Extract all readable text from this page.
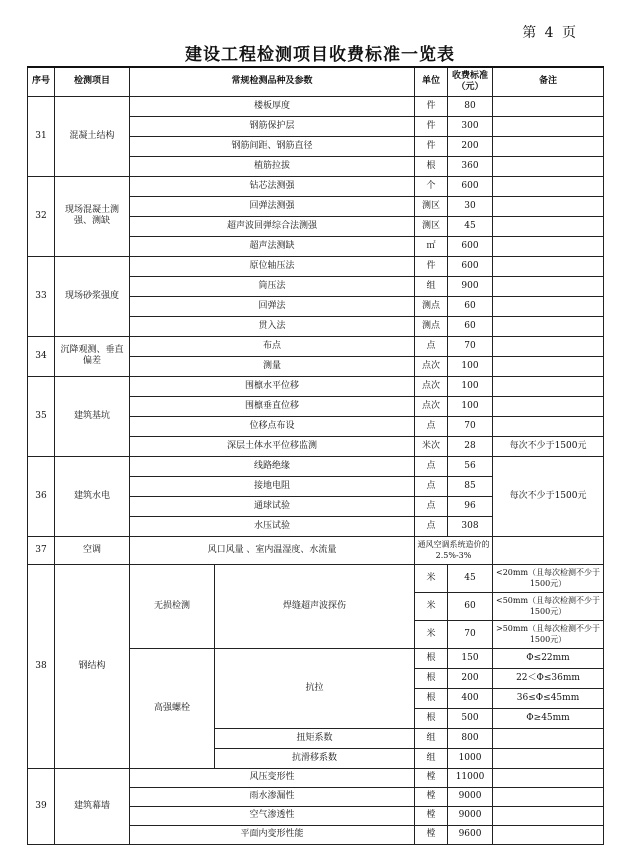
第 4 页
建设工程检测项目收费标准一览表
序号	检测项目	常规检测品种及参数		单位	收费标准（元）	备注
31	混凝土结构	楼板厚度		件	80	
		钢筋保护层		件	300	
		钢筋间距、钢筋直径		件	200	
		植筋拉拔		根	360	
32	现场混凝土测强、测缺	钻芯法测强		个	600	
		回弹法测强		测区	30	
		超声波回弹综合法测强		测区	45	
		超声法测缺		㎡	600	
33	现场砂浆强度	原位轴压法		件	600	
		筒压法		组	900	
		回弹法		测点	60	
		贯入法		测点	60	
34	沉降观测、垂直偏差	布点		点	70	
		测量		点次	100	
35	建筑基坑	围檩水平位移		点次	100	
		围檩垂直位移		点次	100	
		位移点布设		点	70	
		深层土体水平位移监测		米次	28	每次不少于1500元
36	建筑水电	线路绝缘		点	56	每次不少于1500元
		接地电阻		点	85	
		通球试验		点	96	
		水压试验		点	308	
37	空调	风口风量 、室内温湿度、水流量		通风空调系统造价的2.5%-3%		
38	钢结构	无损检测	焊缝超声波探伤	米	45	<20mm（且每次检测不少于1500元）
				米	60	<50mm（且每次检测不少于1500元）
				米	70	>50mm（且每次检测不少于1500元）
		高强螺栓	抗拉	根	150	Φ≤22mm
				根	200	22＜Φ≤36mm
				根	400	36≤Φ≤45mm
				根	500	Φ≥45mm
			扭矩系数	组	800	
			抗滑移系数	组	1000	
39	建筑幕墙	风压变形性		樘	11000	
		雨水渗漏性		樘	9000	
		空气渗透性		樘	9000	
		平面内变形性能		樘	9600	
